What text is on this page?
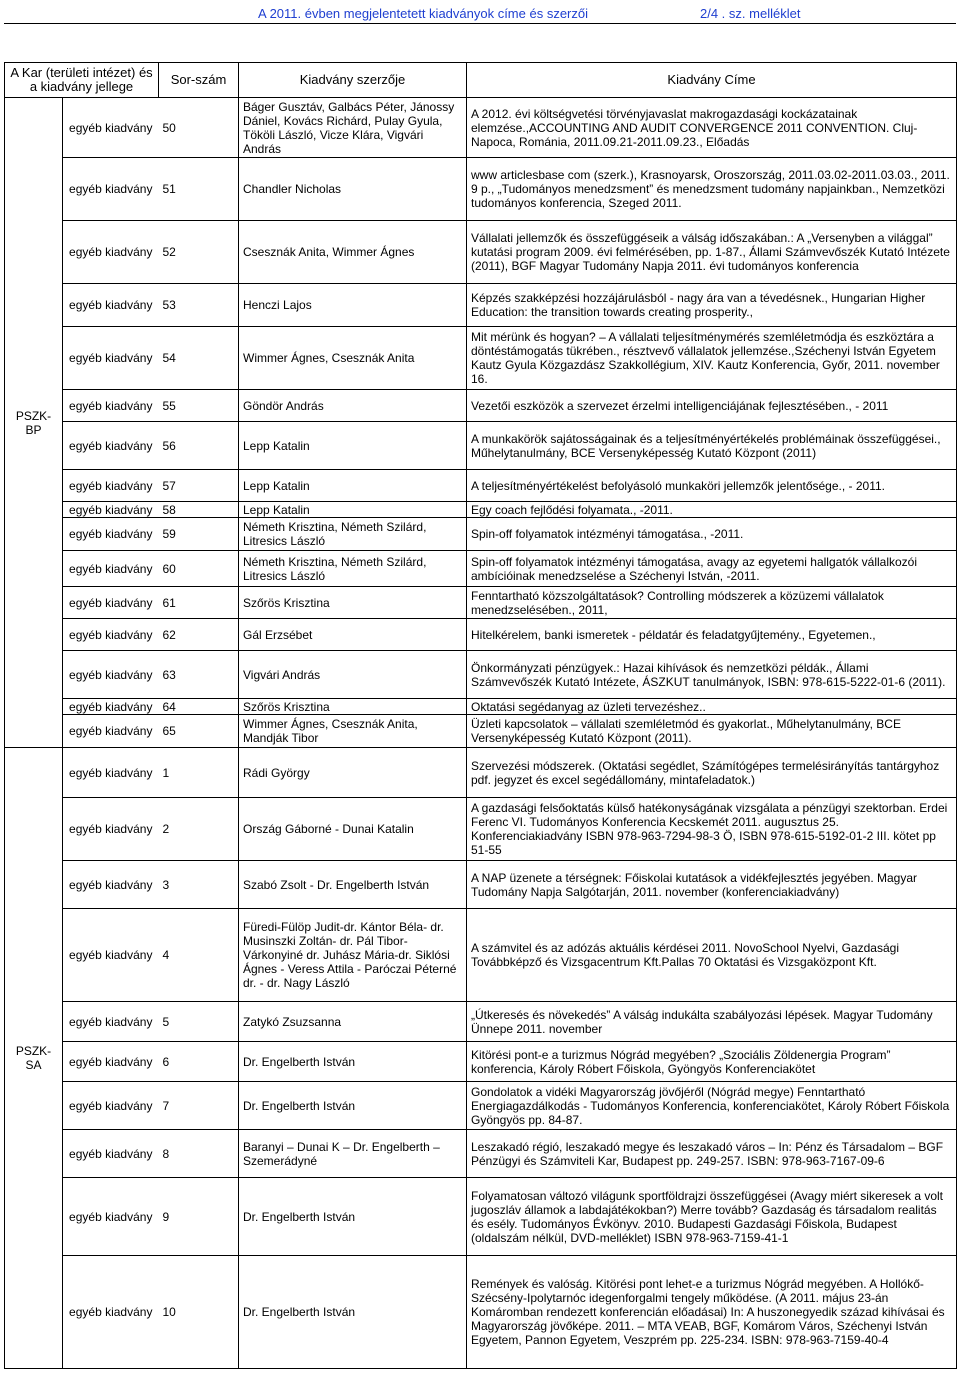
A 2011. évben megjelentetett kiadványok címe és szerzői	2/4 . sz. melléklet
A Kar (területi intézet) és a kiadvány jellege		Sor-szám	Kiadvány szerzője	Kiadvány Címe
PSZK-BP	egyéb kiadvány	50	Báger Gusztáv, Galbács Péter, Jánossy Dániel, Kovács Richárd, Pulay Gyula, Tököli László, Vicze Klára, Vigvári András	A 2012. évi költségvetési törvényjavaslat makrogazdasági kockázatainak elemzése.,ACCOUNTING AND AUDIT CONVERGENCE 2011 CONVENTION. Cluj-Napoca, Románia, 2011.09.21-2011.09.23., Előadás
	egyéb kiadvány	51	Chandler Nicholas	www articlesbase com (szerk.), Krasnoyarsk, Oroszország, 2011.03.02-2011.03.03., 2011. 9 p., „Tudományos menedzsment” és menedzsment tudomány napjainkban., Nemzetközi tudományos konferencia, Szeged 2011.
	egyéb kiadvány	52	Csesznák Anita, Wimmer Ágnes	Vállalati jellemzők és összefüggéseik a válság időszakában.: A „Versenyben a világgal” kutatási program 2009. évi felmérésében, pp. 1-87., Állami Számvevőszék Kutató Intézete (2011), BGF Magyar Tudomány Napja 2011. évi tudományos konferencia
	egyéb kiadvány	53	Henczi Lajos	Képzés szakképzési hozzájárulásból - nagy ára van a tévedésnek., Hungarian Higher Education: the transition towards creating prosperity.,
	egyéb kiadvány	54	Wimmer Ágnes, Csesznák Anita	Mit mérünk és hogyan? – A vállalati teljesítménymérés szemléletmódja és eszköztára a döntéstámogatás tükrében., résztvevő vállalatok jellemzése.,Széchenyi István Egyetem Kautz Gyula Közgazdász Szakkollégium, XIV. Kautz Konferencia, Győr, 2011. november 16.
	egyéb kiadvány	55	Göndör András	Vezetői eszközök a szervezet érzelmi intelligenciájának fejlesztésében., - 2011
	egyéb kiadvány	56	Lepp Katalin	A munkakörök sajátosságainak és a teljesítményértékelés problémáinak összefüggései., Műhelytanulmány, BCE Versenyképesség Kutató Központ (2011)
	egyéb kiadvány	57	Lepp Katalin	A teljesítményértékelést befolyásoló munkaköri jellemzők jelentősége., - 2011.
	egyéb kiadvány	58	Lepp Katalin	Egy coach fejlődési folyamata., -2011.
	egyéb kiadvány	59	Németh Krisztina, Németh Szilárd, Litresics László	Spin-off folyamatok intézményi támogatása., -2011.
	egyéb kiadvány	60	Németh Krisztina, Németh Szilárd, Litresics László	Spin-off folyamatok intézményi támogatása, avagy az egyetemi hallgatók vállalkozói ambícióinak menedzselése a Széchenyi István, -2011.
	egyéb kiadvány	61	Szőrös Krisztina	Fenntartható közszolgáltatások? Controlling módszerek a közüzemi vállalatok menedzselésében., 2011,
	egyéb kiadvány	62	Gál Erzsébet	Hitelkérelem, banki ismeretek - példatár és feladatgyűjtemény., Egyetemen.,
	egyéb kiadvány	63	Vigvári András	Önkormányzati pénzügyek.: Hazai kihívások és nemzetközi példák., Állami Számvevőszék Kutató Intézete, ÁSZKUT tanulmányok, ISBN: 978-615-5222-01-6 (2011).
	egyéb kiadvány	64	Szőrös Krisztina	Oktatási segédanyag az üzleti tervezéshez..
	egyéb kiadvány	65	Wimmer Ágnes, Csesznák Anita, Mandják Tibor	Üzleti kapcsolatok – vállalati szemléletmód és gyakorlat., Műhelytanulmány, BCE Versenyképesség Kutató Központ (2011).
PSZK-SA	egyéb kiadvány	1	Rádi György	Szervezési módszerek. (Oktatási segédlet, Számítógépes termelésirányítás tantárgyhoz pdf. jegyzet és excel segédállomány, mintafeladatok.)
	egyéb kiadvány	2	Ország Gáborné - Dunai Katalin	A gazdasági felsőoktatás külső hatékonyságának vizsgálata a pénzügyi szektorban. Erdei Ferenc VI. Tudományos Konferencia Kecskemét 2011. augusztus 25. Konferenciakiadvány ISBN 978-963-7294-98-3 Ö, ISBN 978-615-5192-01-2 III. kötet pp 51-55
	egyéb kiadvány	3	Szabó Zsolt - Dr. Engelberth István	A NAP üzenete a térségnek: Főiskolai kutatások a vidékfejlesztés jegyében. Magyar Tudomány Napja Salgótarján, 2011. november (konferenciakiadvány)
	egyéb kiadvány	4	Füredi-Fülöp Judit-dr. Kántor Béla- dr. Musinszki Zoltán- dr. Pál Tibor-Várkonyiné dr. Juhász Mária-dr. Siklósi Ágnes - Veress Attila - Paróczai Péterné dr. - dr. Nagy László	A számvitel és az adózás aktuális kérdései 2011. NovoSchool Nyelvi, Gazdasági Továbbképző és Vizsgacentrum Kft.Pallas 70 Oktatási és Vizsgaközpont Kft.
	egyéb kiadvány	5	Zatykó Zsuzsanna	„Útkeresés és növekedés” A válság indukálta szabályozási lépések. Magyar Tudomány Ünnepe 2011. november
	egyéb kiadvány	6	Dr. Engelberth István	Kitörési pont-e a turizmus Nógrád megyében? „Szociális Zöldenergia Program” konferencia, Károly Róbert Főiskola, Gyöngyös Konferenciakötet
	egyéb kiadvány	7	Dr. Engelberth István	Gondolatok a vidéki Magyarország jövőjéről (Nógrád megye) Fenntartható Energiagazdálkodás - Tudományos Konferencia, konferenciakötet, Károly Róbert Főiskola Gyöngyös pp. 84-87.
	egyéb kiadvány	8	Baranyi – Dunai K – Dr. Engelberth – Szemerádyné	Leszakadó régió, leszakadó megye és leszakadó város – In: Pénz és Társadalom – BGF Pénzügyi és Számviteli Kar, Budapest pp. 249-257. ISBN: 978-963-7167-09-6
	egyéb kiadvány	9	Dr. Engelberth István	Folyamatosan változó világunk sportföldrajzi összefüggései (Avagy miért sikeresek a volt jugoszláv államok a labdajátékokban?) Merre tovább? Gazdaság és társadalom realitás és esély. Tudományos Évkönyv. 2010. Budapesti Gazdasági Főiskola, Budapest (oldalszám nélkül, DVD-melléklet) ISBN 978-963-7159-41-1
	egyéb kiadvány	10	Dr. Engelberth István	Remények és valóság. Kitörési pont lehet-e a turizmus Nógrád megyében. A Hollókő-Szécsény-Ipolytarnóc idegenforgalmi tengely működése. (A 2011. május 23-án Komáromban rendezett konferencián előadásai) In: A huszonegyedik század kihívásai és Magyarország jövőképe. 2011. – MTA VEAB, BGF, Komárom Város, Széchenyi István Egyetem, Pannon Egyetem, Veszprém pp. 225-234. ISBN: 978-963-7159-40-4
